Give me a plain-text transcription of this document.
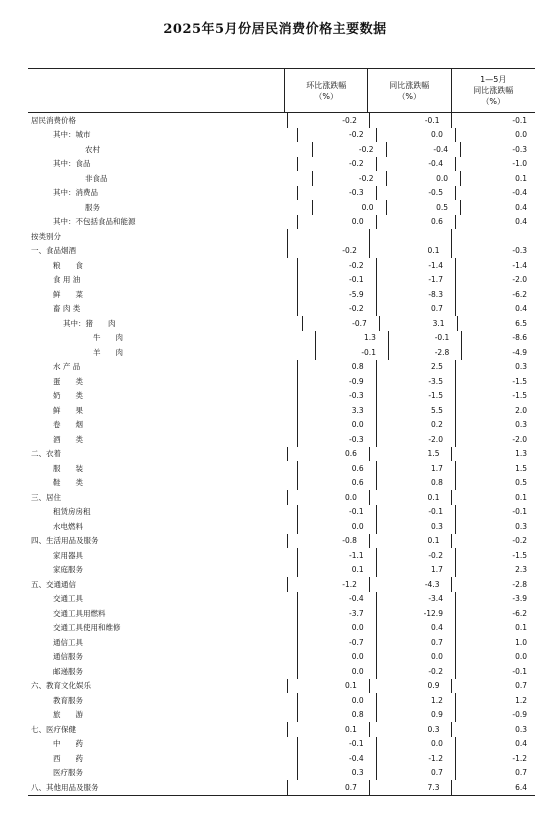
2025年5月份居民消费价格主要数据
环比涨跌幅
（%）
同比涨跌幅
（%）
1—5月
同比涨跌幅
（%）
居民消费价格	-0.2	-0.1	-0.1
其中：城市	-0.2	0.0	0.0
农村	-0.2	-0.4	-0.3
其中：食品	-0.2	-0.4	-1.0
非食品	-0.2	0.0	0.1
其中：消费品	-0.3	-0.5	-0.4
服务	0.0	0.5	0.4
其中：不包括食品和能源	0.0	0.6	0.4
按类别分
一、食品烟酒	-0.2	0.1	-0.3
粮　　食	-0.2	-1.4	-1.4
食 用 油	-0.1	-1.7	-2.0
鲜　　菜	-5.9	-8.3	-6.2
畜 肉 类	-0.2	0.7	0.4
其中：猪　　肉	-0.7	3.1	6.5
牛　　肉	1.3	-0.1	-8.6
羊　　肉	-0.1	-2.8	-4.9
水 产 品	0.8	2.5	0.3
蛋　　类	-0.9	-3.5	-1.5
奶　　类	-0.3	-1.5	-1.5
鲜　　果	3.3	5.5	2.0
卷　　烟	0.0	0.2	0.3
酒　　类	-0.3	-2.0	-2.0
二、衣着	0.6	1.5	1.3
服　　装	0.6	1.7	1.5
鞋　　类	0.6	0.8	0.5
三、居住	0.0	0.1	0.1
租赁房房租	-0.1	-0.1	-0.1
水电燃料	0.0	0.3	0.3
四、生活用品及服务	-0.8	0.1	-0.2
家用器具	-1.1	-0.2	-1.5
家庭服务	0.1	1.7	2.3
五、交通通信	-1.2	-4.3	-2.8
交通工具	-0.4	-3.4	-3.9
交通工具用燃料	-3.7	-12.9	-6.2
交通工具使用和维修	0.0	0.4	0.1
通信工具	-0.7	0.7	1.0
通信服务	0.0	0.0	0.0
邮递服务	0.0	-0.2	-0.1
六、教育文化娱乐	0.1	0.9	0.7
教育服务	0.0	1.2	1.2
旅　　游	0.8	0.9	-0.9
七、医疗保健	0.1	0.3	0.3
中　　药	-0.1	0.0	0.4
西　　药	-0.4	-1.2	-1.2
医疗服务	0.3	0.7	0.7
八、其他用品及服务	0.7	7.3	6.4
